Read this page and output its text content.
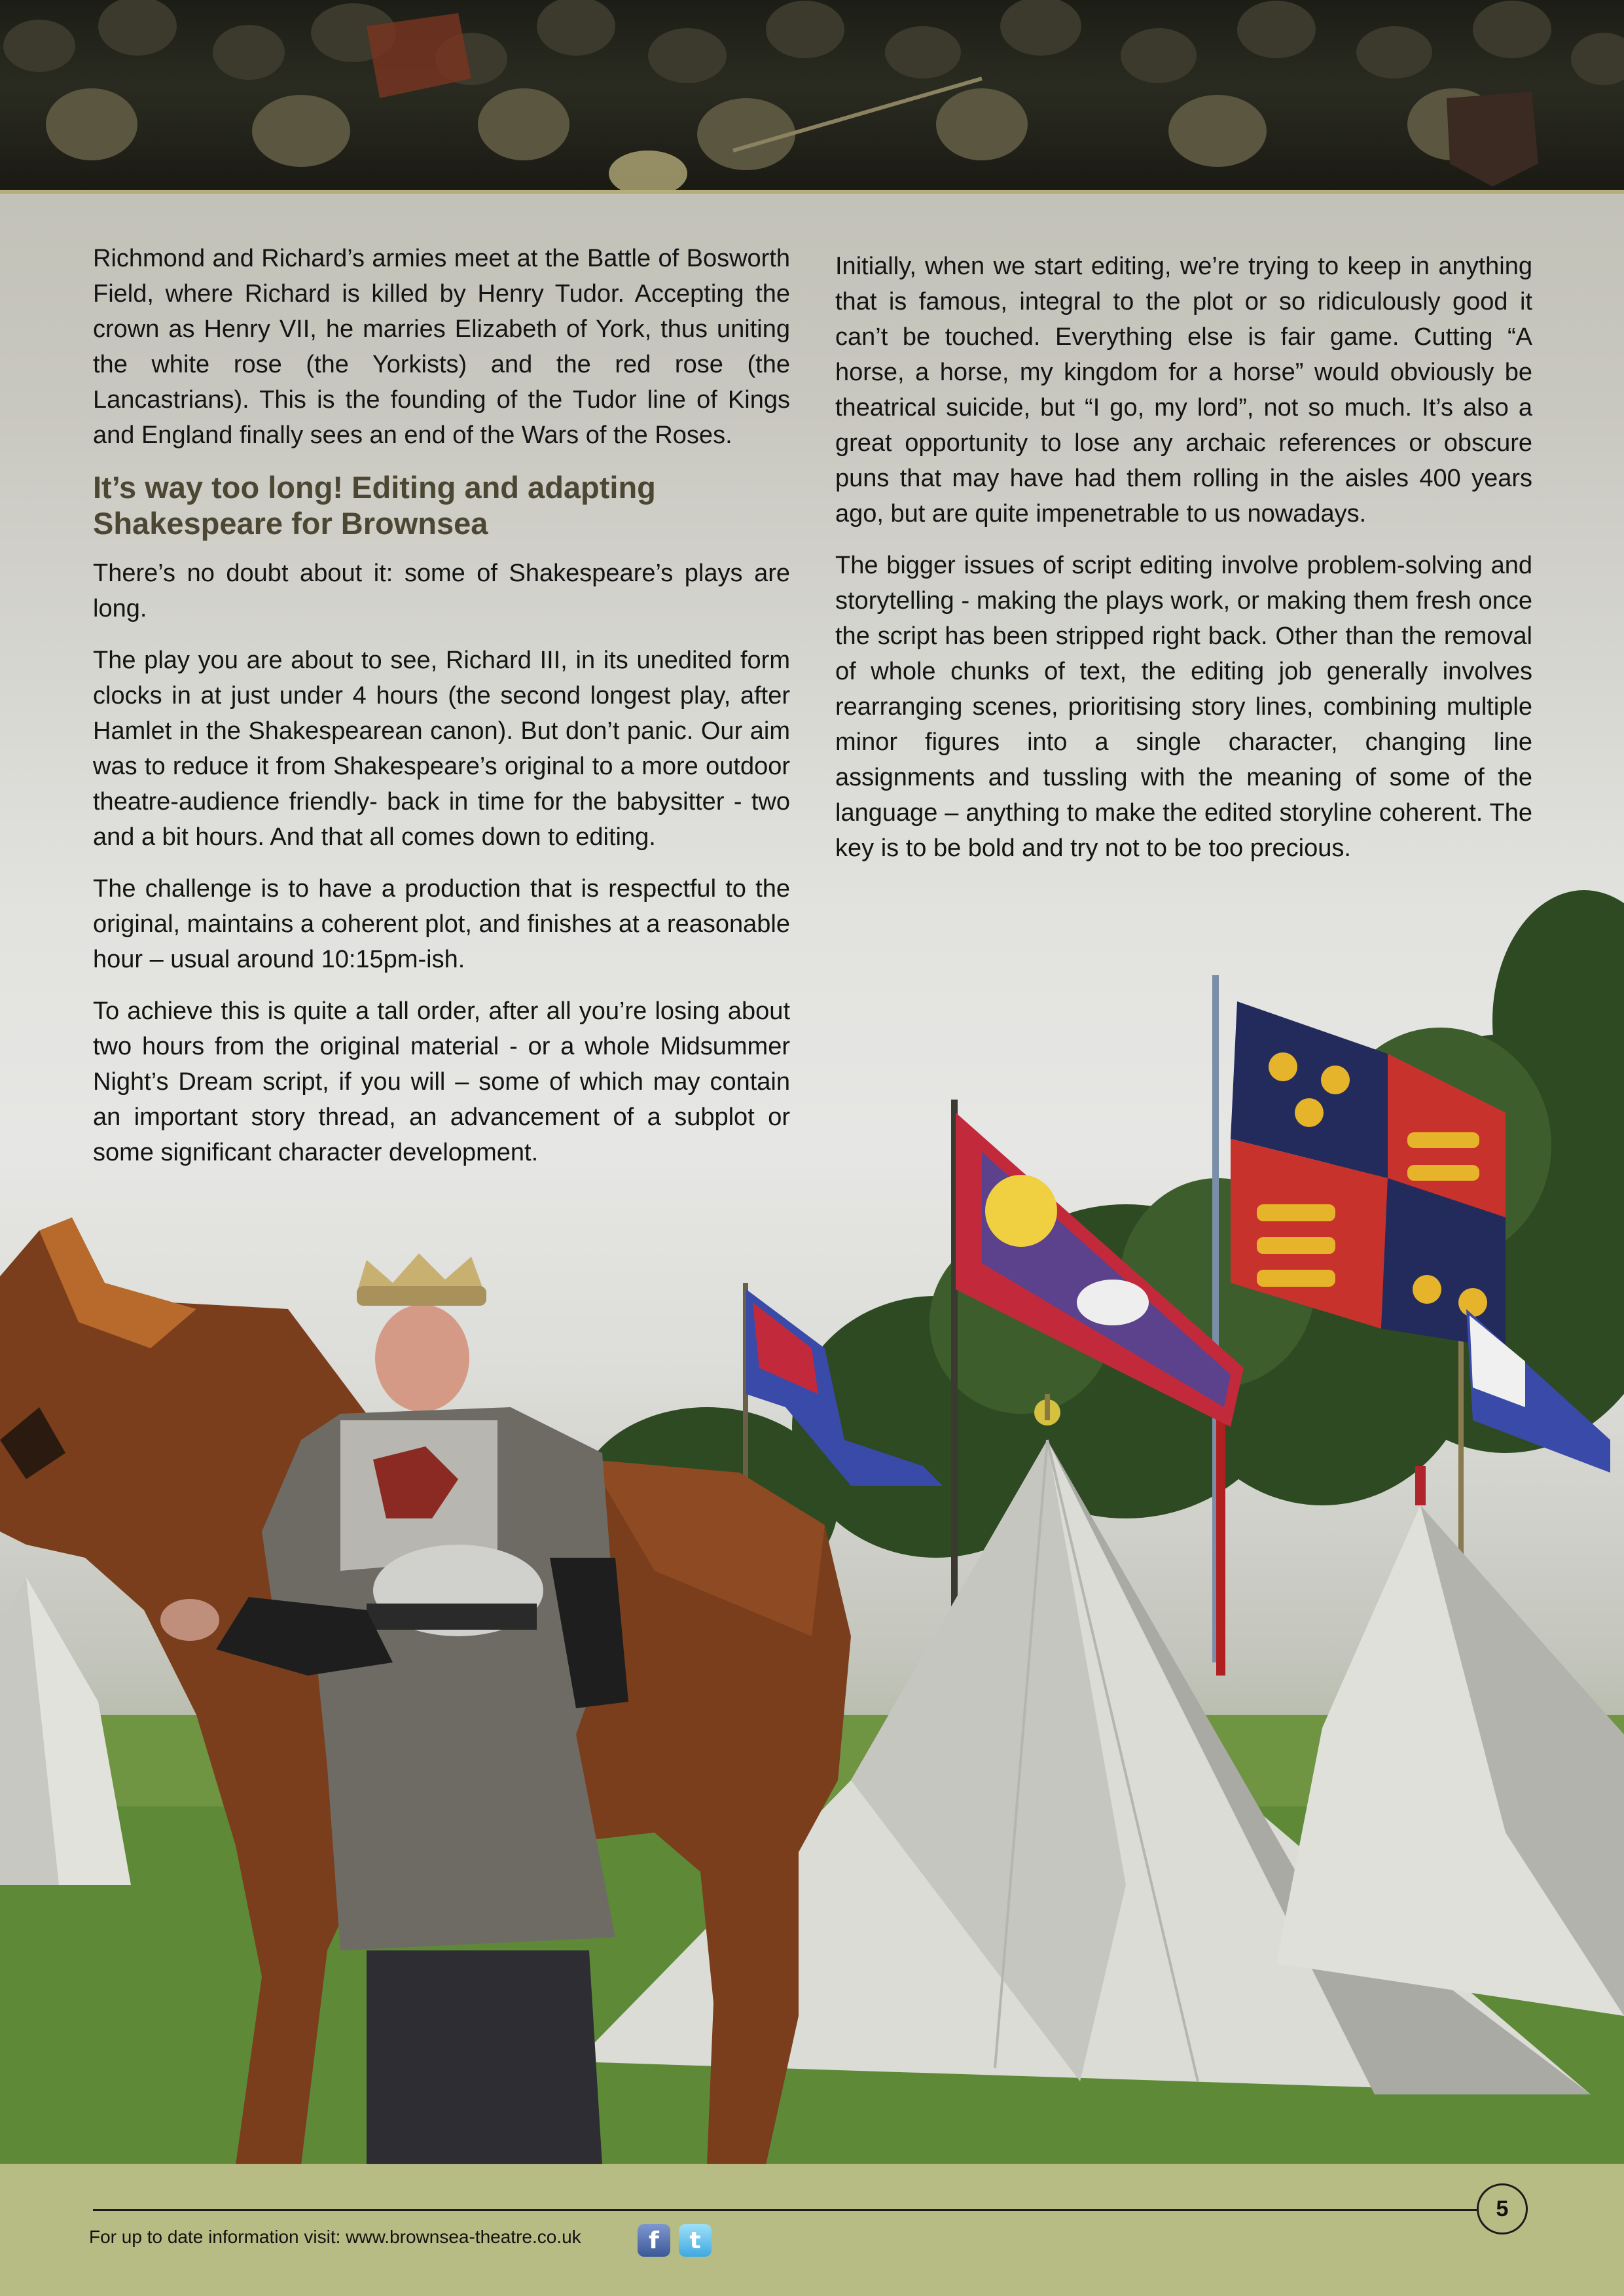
Richmond and Richard’s armies meet at the Battle of Bosworth Field, where Richard is killed by Henry Tudor. Accepting the crown as Henry VII, he marries Elizabeth of York, thus uniting the white rose (the Yorkists) and the red rose (the Lancastrians). This is the founding of the Tudor line of Kings and England finally sees an end of the Wars of the Roses.

It’s way too long! Editing and adapting Shakespeare for Brownsea

There’s no doubt about it: some of Shakespeare’s plays are long.

The play you are about to see, Richard III, in its unedited form clocks in at just under 4 hours (the second longest play, after Hamlet in the Shakespearean canon). But don’t panic. Our aim was to reduce it from Shakespeare’s original to a more outdoor theatre-audience friendly- back in time for the babysitter - two and a bit hours. And that all comes down to editing.

The challenge is to have a production that is respectful to the original, maintains a coherent plot, and finishes at a reasonable hour – usual around 10:15pm-ish.

To achieve this is quite a tall order, after all you’re losing about two hours from the original material - or a whole Midsummer Night’s Dream script, if you will – some of which may contain an important story thread, an advancement of a subplot or some significant character development.

Initially, when we start editing, we’re trying to keep in anything that is famous, integral to the plot or so ridiculously good it can’t be touched. Everything else is fair game. Cutting “A horse, a horse, my kingdom for a horse” would obviously be theatrical suicide, but “I go, my lord”, not so much. It’s also a great opportunity to lose any archaic references or obscure puns that may have had them rolling in the aisles 400 years ago, but are quite impenetrable to us nowadays.

The bigger issues of script editing involve problem-solving and storytelling - making the plays work, or making them fresh once the script has been stripped right back. Other than the removal of whole chunks of text, the editing job generally involves rearranging scenes, prioritising story lines, combining multiple minor figures into a single character, changing line assignments and tussling with the meaning of some of the language – anything to make the edited storyline coherent. The key is to be bold and try not to be too precious.

5
For up to date information visit: www.brownsea-theatre.co.uk	f	t
